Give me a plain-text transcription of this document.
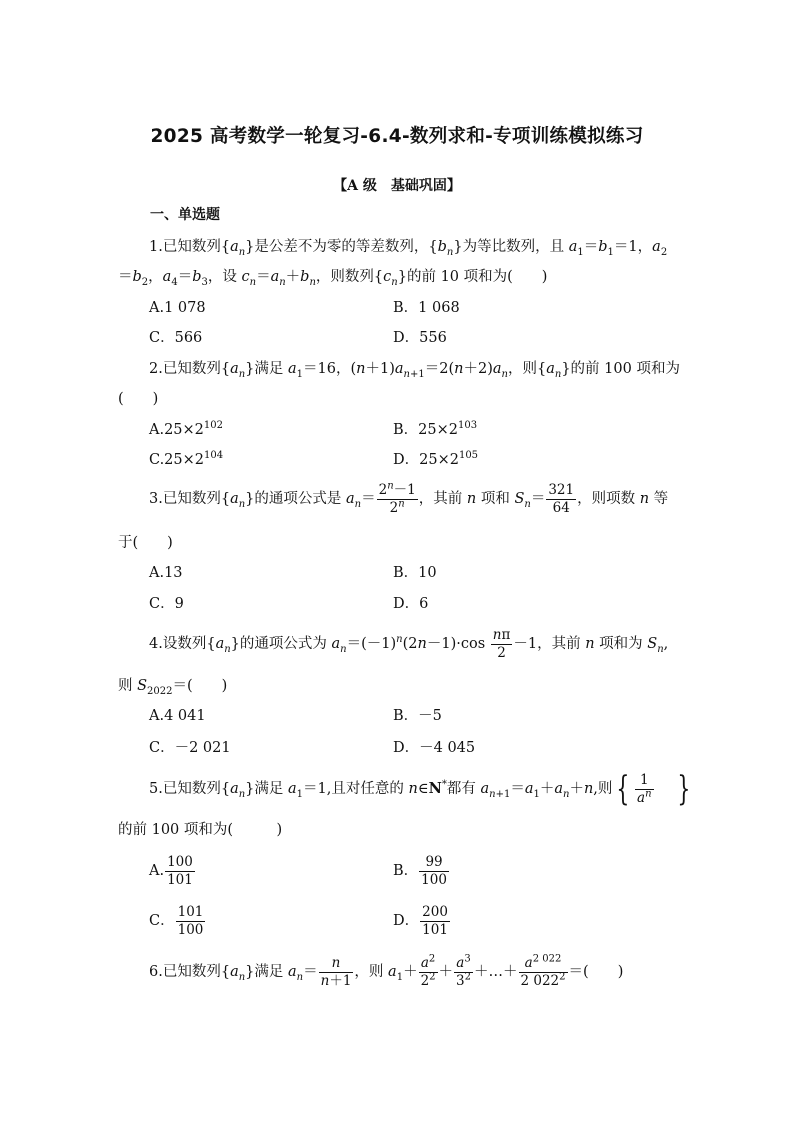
2025 高考数学一轮复习-6.4-数列求和-专项训练模拟练习
【A 级　基础巩固】
一、单选题
1.已知数列$\{a_n\}$是公差不为零的等差数列，$\{b_n\}$为等比数列，且 $a_1=b_1=1$，$a_2$
$=b_2$，$a_4=b_3$，设 $c_n=a_n+b_n$，则数列$\{c_n\}$的前 10 项和为(　　)
A.1 078	B．1 068
C．566	D．556
2.已知数列$\{a_n\}$满足 $a_1=16$，$(n+1)a_{n+1}=2(n+2)a_n$，则$\{a_n\}$的前 100 项和为
(　　)
$A.25\times 2^{102}$	B．$25\times 2^{103}$
$C.25\times 2^{104}$	D．$25\times 2^{105}$
3.已知数列$\{a_n\}$的通项公式是 $a_n= \frac{2^n-1}{2^n}$ ，其前 n 项和 $S_n= \frac{321}{64}$ ，则项数 n 等
于(　　)
A.13	B．10
C．9	D．6
4.设数列$\{a_n\}$的通项公式为 $a_n=(-1)^n(2n-1)\cdot\cos \frac{n\pi}{2} -1$，其前 n 项和为 $S_n$,
则 $S_{2022}=$(　　)
A.4 041	B．－5
C．－2 021	D．－4 045
5.已知数列$\{a_n\}$满足 $a_1=1$,且对任意的 n∈N*都有 $a_{n+1}=a_1+a_n+n$,则 { $\frac{1}{a^n}$ }
的前 100 项和为(　　　)
A. $\frac{100}{101}$	B． $\frac{99}{100}$
C． $\frac{101}{100}$	D． $\frac{200}{101}$
6.已知数列$\{a_n\}$满足 $a_n= \frac{n}{n+1}$ ，则 $a_1+ \frac{a^2}{2^2} + \frac{a^3}{3^2}$ ＋…＋ $\frac{a^{2 022}}{2 022^2}$ ＝(　　)
